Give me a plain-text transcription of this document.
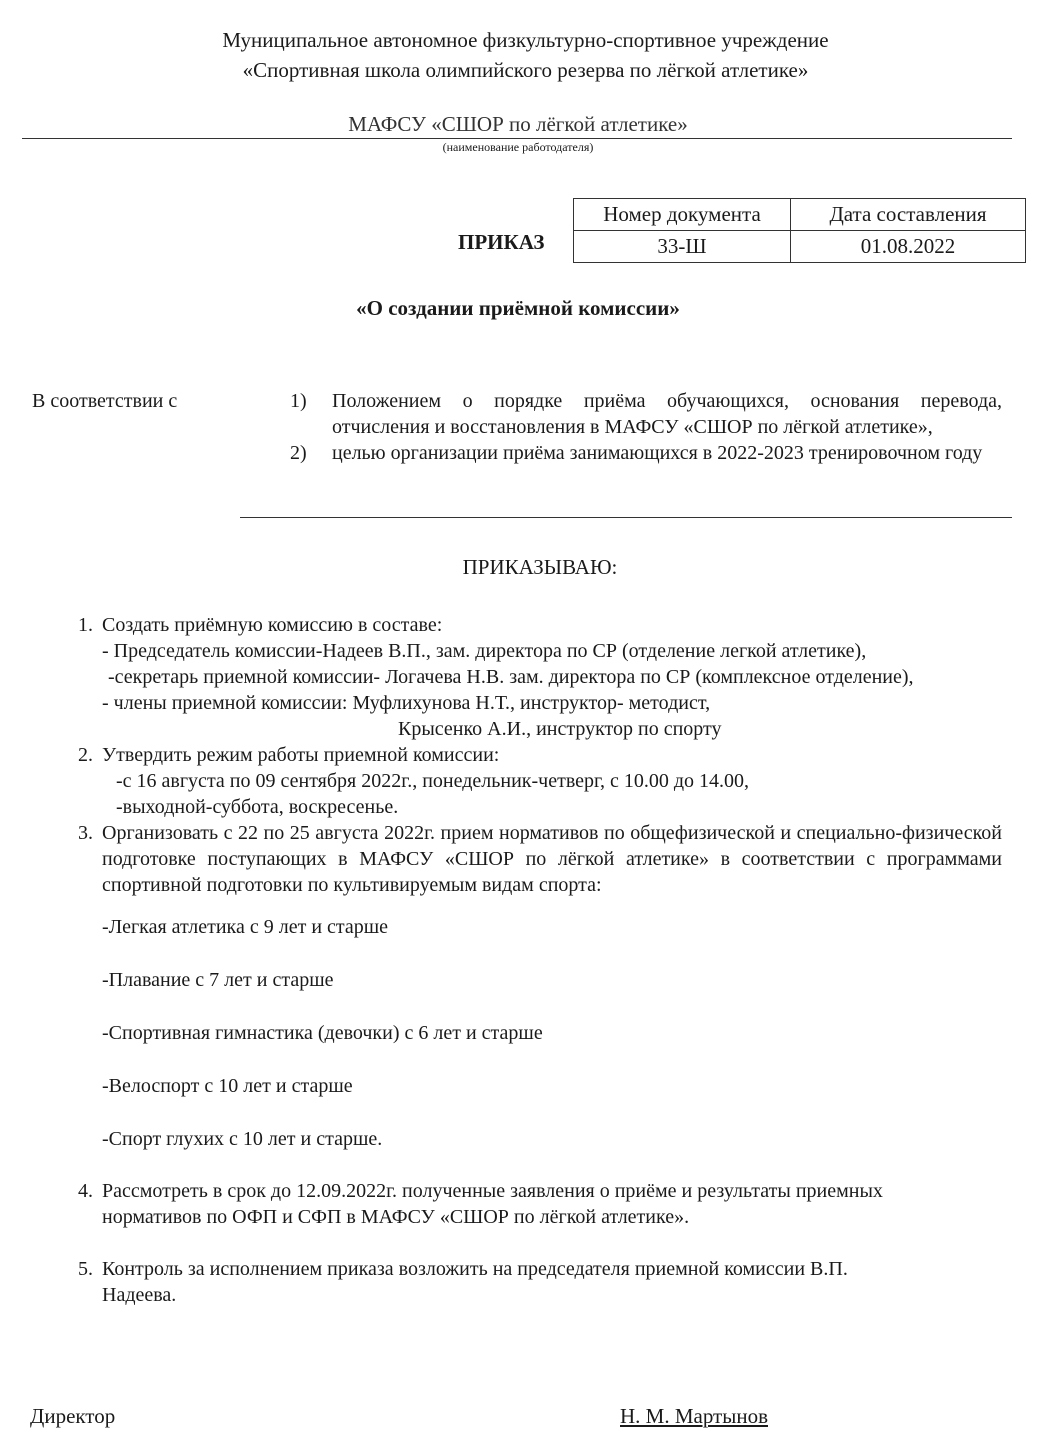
Муниципальное автономное физкультурно-спортивное учреждение
«Спортивная школа олимпийского резерва по лёгкой атлетике»
МАФСУ «СШОР по лёгкой атлетике»
(наименование работодателя)
ПРИКАЗ
Номер документа	Дата составления
33-Ш	01.08.2022
«О создании приёмной комиссии»
В соответствии с	1) Положением о порядке приёма обучающихся, основания перевода, отчисления и восстановления в МАФСУ «СШОР по лёгкой атлетике»,
2) целью организации приёма занимающихся в 2022-2023 тренировочном году
ПРИКАЗЫВАЮ:
1. Создать приёмную комиссию в составе:
- Председатель комиссии-Надеев В.П., зам. директора по СР (отделение легкой атлетике),
-секретарь приемной комиссии- Логачева Н.В. зам. директора по СР (комплексное отделение),
- члены приемной комиссии: Муфлихунова Н.Т., инструктор- методист,
Крысенко А.И., инструктор по спорту
2. Утвердить режим работы приемной комиссии:
-с 16 августа по 09 сентября 2022г., понедельник-четверг, с 10.00 до 14.00,
-выходной-суббота, воскресенье.
3. Организовать с 22 по 25 августа 2022г. прием нормативов по общефизической и специально-физической подготовке поступающих в МАФСУ «СШОР по лёгкой атлетике» в соответствии с программами спортивной подготовки по культивируемым видам спорта:
-Легкая атлетика с 9 лет и старше
-Плавание с 7 лет и старше
-Спортивная гимнастика (девочки) с 6 лет и старше
-Велоспорт с 10 лет и старше
-Спорт глухих с 10 лет и старше.
4. Рассмотреть в срок до 12.09.2022г. полученные заявления о приёме и результаты приемных нормативов по ОФП и СФП в МАФСУ «СШОР по лёгкой атлетике».
5. Контроль за исполнением приказа возложить на председателя приемной комиссии В.П. Надеева.
Директор	Н. М. Мартынов
